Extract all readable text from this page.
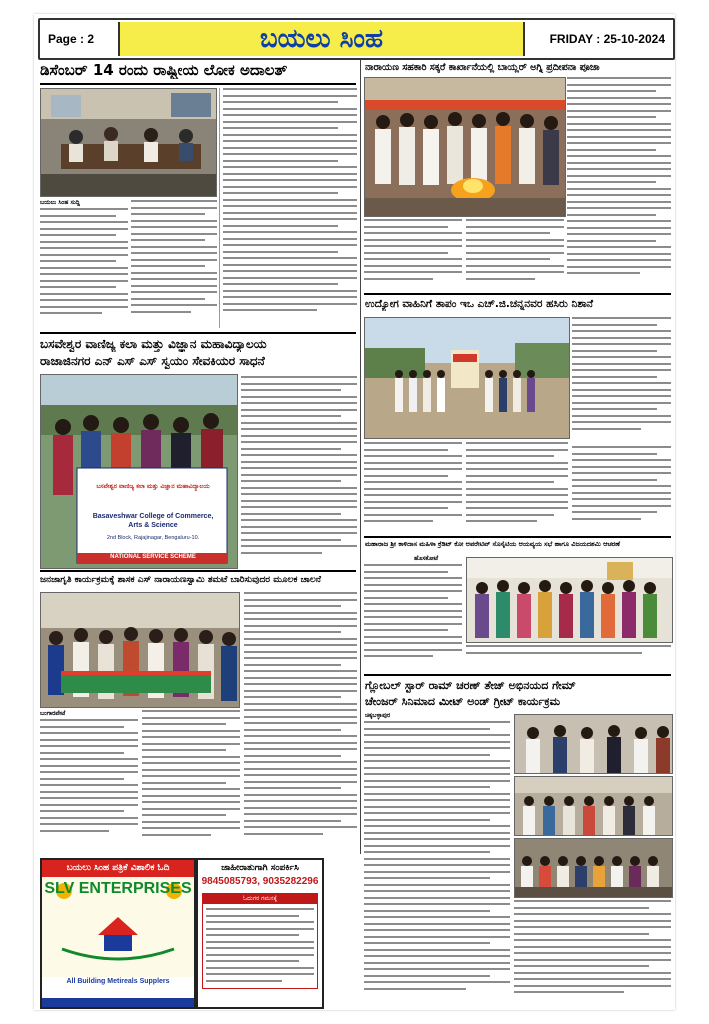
Page : 2	ಬಯಲು ಸಿಂಹ	FRIDAY : 25-10-2024
ಡಿಸೆಂಬರ್ 14 ರಂದು ರಾಷ್ಟ್ರೀಯ ಲೋಕ ಅದಾಲತ್
ಬಯಲು ಸಿಂಹ ಸುದ್ದಿ
ಬಸವೇಶ್ವರ ವಾಣಿಜ್ಯ ಕಲಾ ಮತ್ತು ವಿಜ್ಞಾನ ಮಹಾವಿದ್ಯಾಲಯ
ರಾಜಾಜಿನಗರ ಎನ್ ಎಸ್ ಎಸ್ ಸ್ವಯಂ ಸೇವಕಿಯರ ಸಾಧನೆ
ಬಸವೇಶ್ವರ ವಾಣಿಜ್ಯ ಕಲಾ ಮತ್ತು ವಿಜ್ಞಾನ ಮಹಾವಿದ್ಯಾಲಯ
Basaveshwar College of Commerce,
Arts & Science
2nd Block, Rajajinagar, Bengaluru-10.
NATIONAL SERVICE SCHEME
ಜನಜಾಗೃತಿ ಕಾರ್ಯಕ್ರಮಕ್ಕೆ ಶಾಸಕ ಎಸ್ ನಾರಾಯಣಸ್ವಾಮಿ ತಮಟೆ ಬಾರಿಸುವುದರ ಮೂಲಕ ಚಾಲನೆ
ಬಂಗಾರಪೇಟೆ
ಬಯಲು ಸಿಂಹ ಪತ್ರಿಕೆ ವಿಶಾಲಿಕ ಓದಿ
SLV ENTERPRISES
All Building Metireals Supplers

ಜಾಹೀರಾತುಗಾಗಿ ಸಂಪರ್ಕಿಸಿ
9845085793, 9035282296
ಓದುಗರ ಗಮನಕ್ಕೆ
ನಾರಾಯಣ ಸಹಕಾರಿ ಸಕ್ಕರೆ ಕಾರ್ಖಾನೆಯಲ್ಲಿ ಬಾಯ್ಲರ್ ಅಗ್ನಿ ಪ್ರದೀಪನಾ ಪೂಜಾ
ಉದ್ಯೋಗ ವಾಹಿನಿಗೆ ತಾಪಂ ಇಒ ಎಚ್.ಜಿ.ಚನ್ನನವರ ಹಸಿರು ನಿಶಾನೆ
ಮಹಾರಾಜ ಶ್ರೀ ಕಾಳಿದಾಸ ಮಹಿಳಾ ಕ್ರೆಡಿಟ್ ಕೋ ಆಪರೇಟಿವ್ ಸೊಸೈಟಿಯ ಆಯವ್ಯಯ ಸಭೆ ಹಾಗೂ ವಿಜಯದಶಮಿ ಆಚರಣೆ
ಹೊಸಕೋಟೆ
ಗ್ಲೋಬಲ್ ಸ್ಟಾರ್ ರಾಮ್ ಚರಣ್ ತೇಜ್ ಅಭಿನಯದ ಗೇಮ್
ಚೇಂಜರ್ ಸಿನಿಮಾದ ಮೀಟ್ ಅಂಡ್ ಗ್ರೀಟ್ ಕಾರ್ಯಕ್ರಮ
ಚಿಕ್ಕಬಳ್ಳಾಪುರ
